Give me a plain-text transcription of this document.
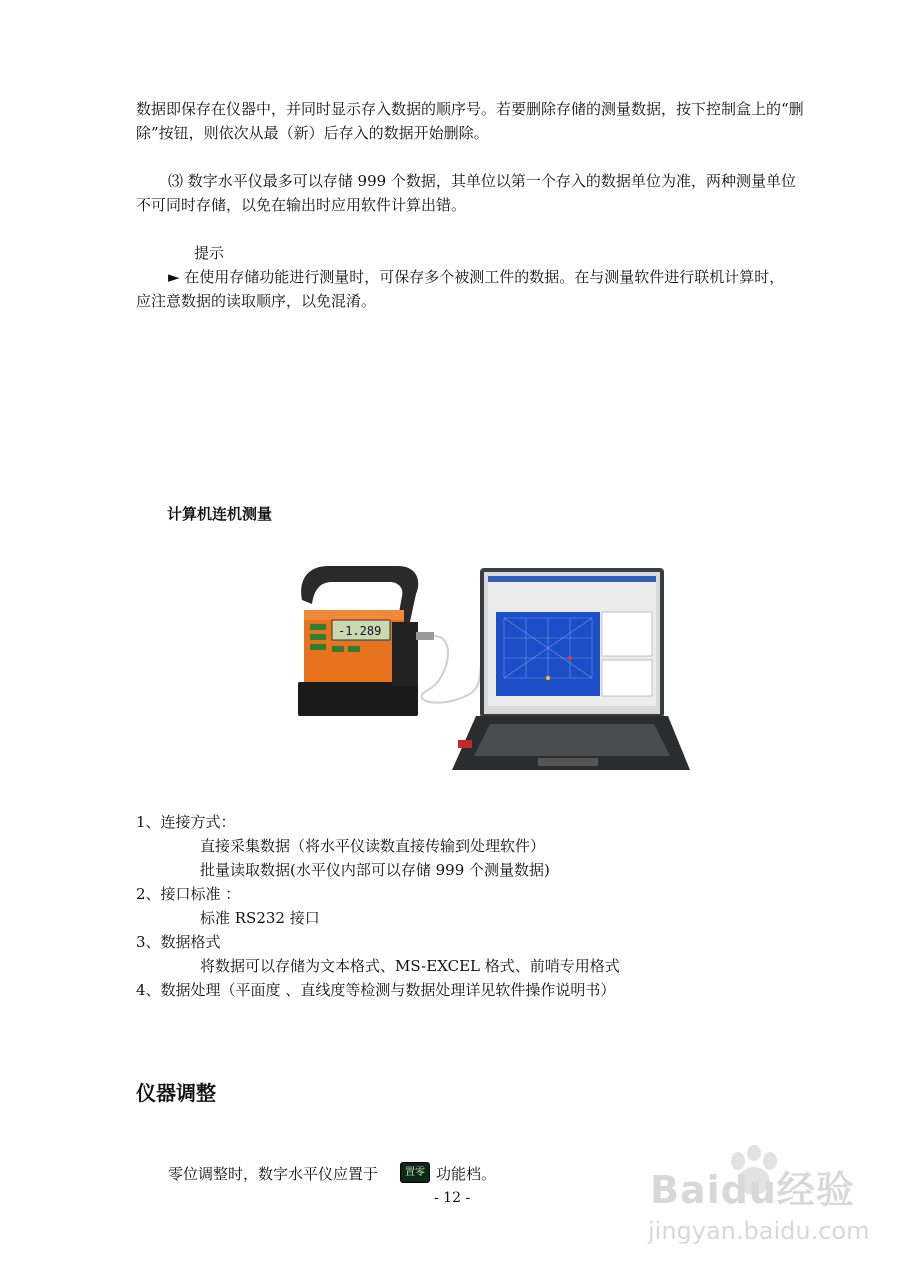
数据即保存在仪器中，并同时显示存入数据的顺序号。若要删除存储的测量数据，按下控制盒上的“删
除”按钮，则依次从最（新）后存入的数据开始删除。
⑶ 数字水平仪最多可以存储 999 个数据，其单位以第一个存入的数据单位为准，两种测量单位
不可同时存储，以免在输出时应用软件计算出错。
提示
► 在使用存储功能进行测量时，可保存多个被测工件的数据。在与测量软件进行联机计算时，
应注意数据的读取顺序，以免混淆。
计算机连机测量
-1.289
1、连接方式：
直接采集数据（将水平仪读数直接传输到处理软件）
批量读取数据(水平仪内部可以存储 999 个测量数据)
2、接口标准 ：
标准 RS232 接口
3、数据格式
将数据可以存储为文本格式、MS-EXCEL 格式、前哨专用格式
4、数据处理（平面度 、直线度等检测与数据处理详见软件操作说明书）
仪器调整
零位调整时，数字水平仪应置于	置零 功能档。
- 12 -	Baidu经验
jingyan.baidu.com
